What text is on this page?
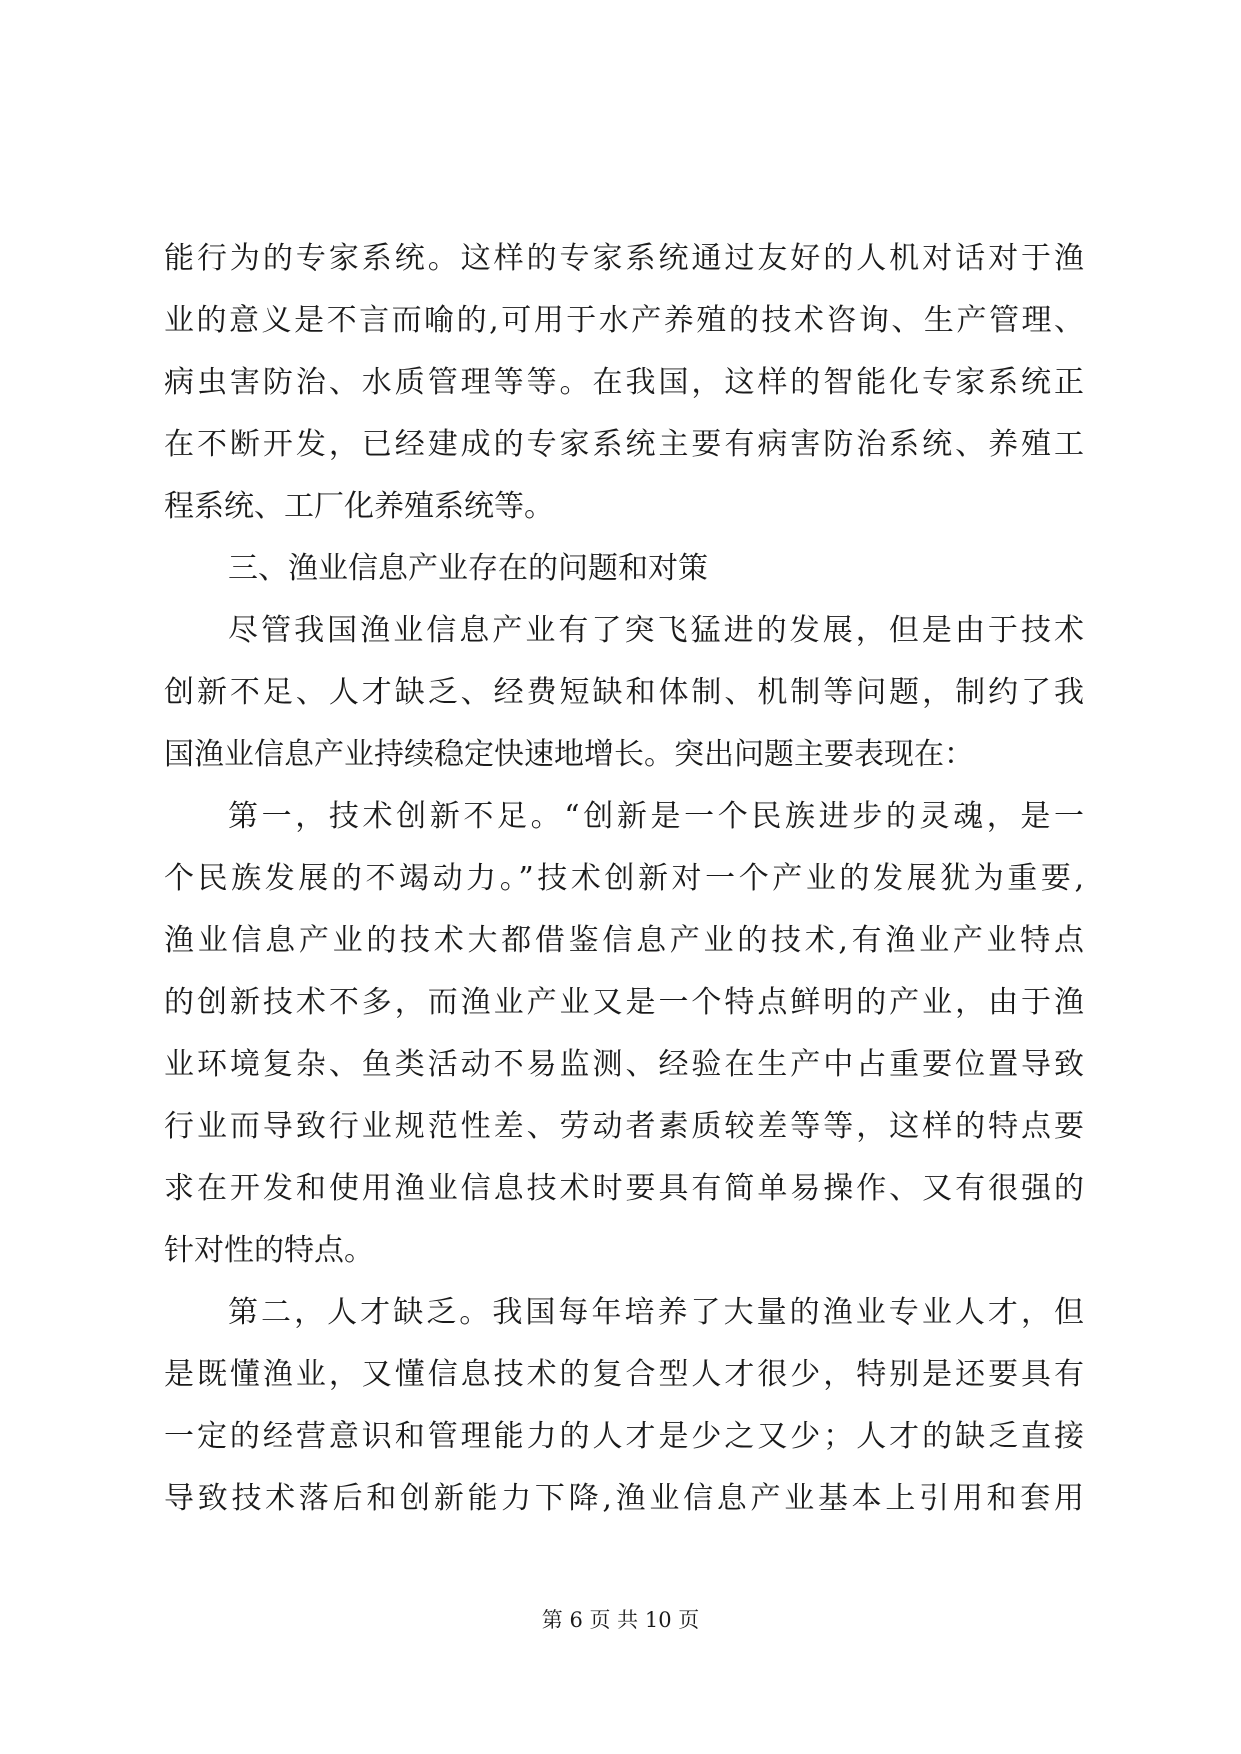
能行为的专家系统。这样的专家系统通过友好的人机对话对于渔
业的意义是不言而喻的,可用于水产养殖的技术咨询、生产管理、
病虫害防治、水质管理等等。在我国，这样的智能化专家系统正
在不断开发，已经建成的专家系统主要有病害防治系统、养殖工
程系统、工厂化养殖系统等。
三、渔业信息产业存在的问题和对策
尽管我国渔业信息产业有了突飞猛进的发展，但是由于技术
创新不足、人才缺乏、经费短缺和体制、机制等问题，制约了我
国渔业信息产业持续稳定快速地增长。突出问题主要表现在：
第一，技术创新不足。“创新是一个民族进步的灵魂，是一
个民族发展的不竭动力。”技术创新对一个产业的发展犹为重要,
渔业信息产业的技术大都借鉴信息产业的技术,有渔业产业特点
的创新技术不多，而渔业产业又是一个特点鲜明的产业，由于渔
业环境复杂、鱼类活动不易监测、经验在生产中占重要位置导致
行业而导致行业规范性差、劳动者素质较差等等，这样的特点要
求在开发和使用渔业信息技术时要具有简单易操作、又有很强的
针对性的特点。
第二，人才缺乏。我国每年培养了大量的渔业专业人才，但
是既懂渔业，又懂信息技术的复合型人才很少，特别是还要具有
一定的经营意识和管理能力的人才是少之又少；人才的缺乏直接
导致技术落后和创新能力下降,渔业信息产业基本上引用和套用
第 6 页 共 10 页
